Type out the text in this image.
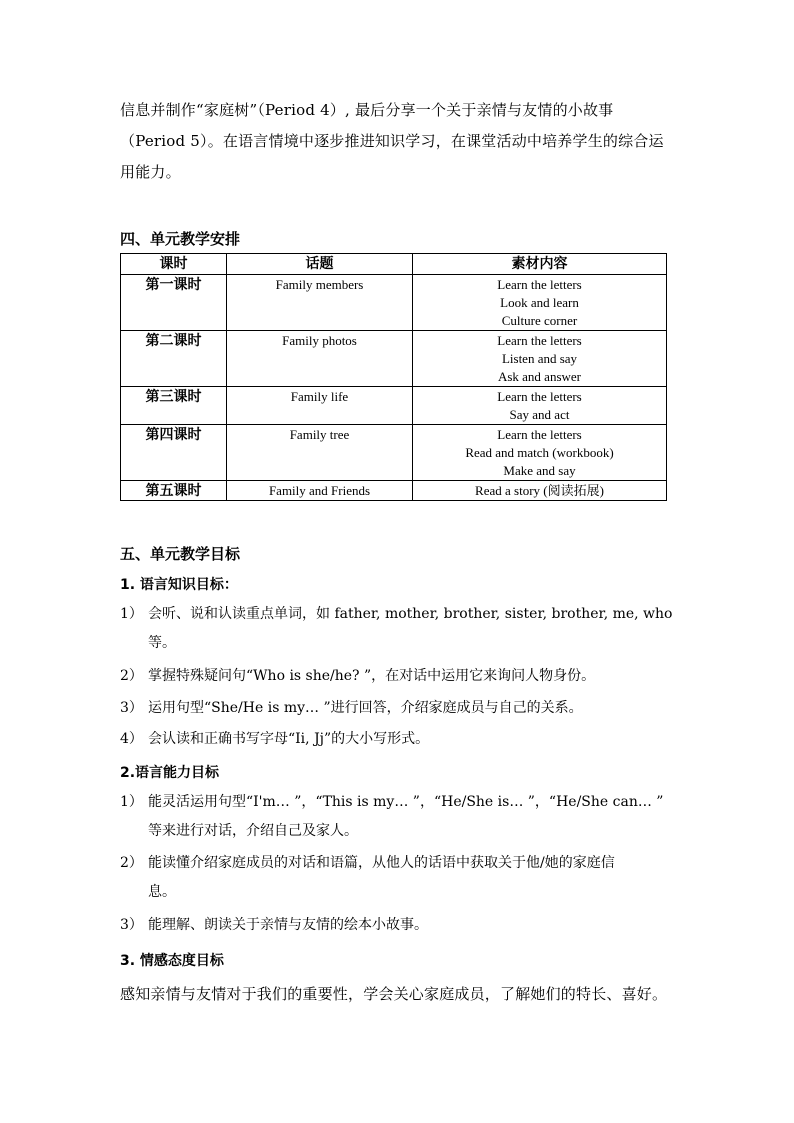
信息并制作“家庭树”（Period 4）, 最后分享一个关于亲情与友情的小故事

（Period 5）。在语言情境中逐步推进知识学习，在课堂活动中培养学生的综合运

用能力。

四、单元教学安排
课时	话题	素材内容
第一课时	Family members	Learn the letters
Look and learn
Culture corner

第二课时	Family photos	Learn the letters
Listen and say
Ask and answer

第三课时	Family life	Learn the letters
Say and act

第四课时	Family tree	Learn the letters
Read and match (workbook)
Make and say

第五课时	Family and Friends	Read a story (阅读拓展)
五、单元教学目标
1. 语言知识目标：
1） 会听、说和认读重点单词，如 father, mother, brother, sister, brother, me, who
等。
2） 掌握特殊疑问句“Who is she/he? ”，在对话中运用它来询问人物身份。
3） 运用句型“She/He is my… ”进行回答，介绍家庭成员与自己的关系。
4） 会认读和正确书写字母“Ii, Jj”的大小写形式。
2.语言能力目标
1） 能灵活运用句型“I'm… ”，“This is my… ”，“He/She is… ”，“He/She can… ”
等来进行对话，介绍自己及家人。
2） 能读懂介绍家庭成员的对话和语篇，从他人的话语中获取关于他/她的家庭信
息。
3） 能理解、朗读关于亲情与友情的绘本小故事。
3. 情感态度目标

感知亲情与友情对于我们的重要性，学会关心家庭成员，了解她们的特长、喜好。
